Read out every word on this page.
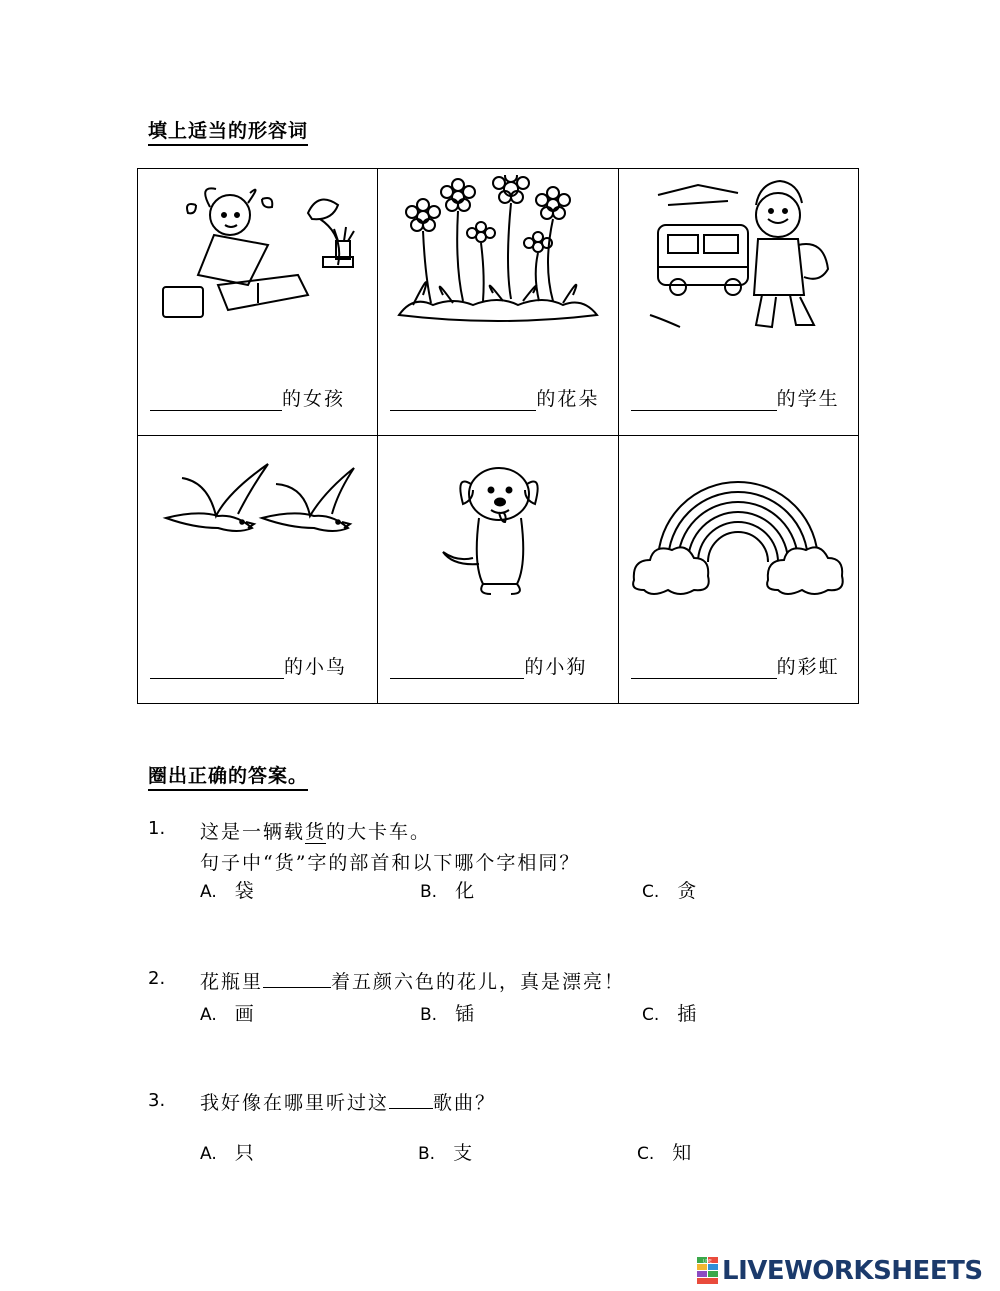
填上适当的形容词
的女孩	的花朵	的学生

的小鸟	的小狗	的彩虹
圈出正确的答案。
1. 这是一辆载货的大卡车。
句子中“货”字的部首和以下哪个字相同？
A. 袋	B. 化	C. 贪
2. 花瓶里	着五颜六色的花儿，真是漂亮！
A. 画	B. 锸	C. 插
3. 我好像在哪里听过这 歌曲？
A. 只	B. 支	C. 知
LIVE LIVEWORKSHEETS
